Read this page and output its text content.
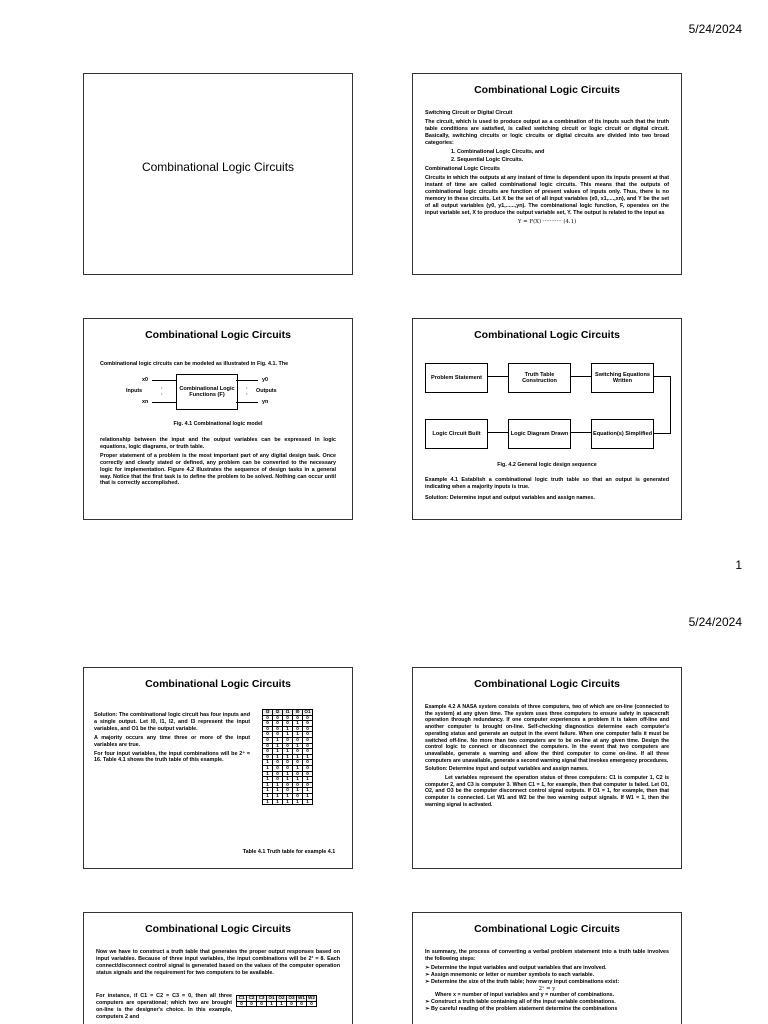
5/24/2024
1
5/24/2024
Combinational Logic Circuits
Combinational Logic Circuits

Switching Circuit or Digital Circuit

The circuit, which is used to produce output as a combination of its inputs such that the truth table conditions are satisfied, is called switching circuit or logic circuit or digital circuit. Basically, switching circuits or logic circuits or digital circuits are divided into two broad categories:

1. Combinational Logic Circuits, and

2. Sequential Logic Circuits.

Combinational Logic Circuits

Circuits in which the outputs at any instant of time is dependent upon its inputs present at that instant of time are called combinational logic circuits. This means that the outputs of combinational logic circuits are function of present values of inputs only. Thus, there is no memory in these circuits. Let X be the set of all input variables (x0, x1,....,xn), and Y be the set of all output variables (y0, y1,......,yn). The combinational logic function, F, operates on the input variable set, X to produce the output variable set, Y. The output is related to the input as

Y = F(X) ··········· (4.1)

Combinational Logic Circuits
Combinational logic circuits can be modeled as illustrated in Fig. 4.1. The
x0
Inputs
xn
·
·
Combinational Logic Functions (F)
·
·
y0
Outputs
yn
Fig. 4.1 Combinational logic model

relationship between the input and the output variables can be expressed in logic equations, logic diagrams, or truth table.

Proper statement of a problem is the most important part of any digital design task. Once correctly and clearly stated or defined, any problem can be converted to the necessary logic for implementation. Figure 4.2 illustrates the sequence of design tasks in a general way. Notice that the first task is to define the problem to be solved. Nothing can occur until that is correctly accomplished.

Combinational Logic Circuits
Problem Statement
Truth Table Construction
Switching Equations Written
Logic Circuit Built	Logic Diagram Drawn	Equation(s) Simplified
Fig. 4.2 General logic design sequence

Example 4.1 Establish a combinational logic truth table so that an output is generated indicating when a majority inputs is true.

Solution: Determine input and output variables and assign names.

Combinational Logic Circuits

Solution: The combinational logic circuit has four inputs and a single output. Let I0, I1, I2, and I3 represent the input variables, and O1 be the output variable.

A majority occurs any time three or more of the input variables are true.

For four input variables, the input combinations will be 2⁴ = 16. Table 4.1 shows the truth table of this example.

I3	I2	I1	I0	O1
0	0	0	0	0
0	0	0	1	0
0	0	1	0	0
0	0	1	1	0
0	1	0	0	0
0	1	0	1	0
0	1	1	0	0
0	1	1	1	1
1	0	0	0	0
1	0	0	1	0
1	0	1	0	0
1	0	1	1	1
1	1	0	0	0
1	1	0	1	1
1	1	1	0	1
1	1	1	1	1
Table 4.1 Truth table for example 4.1
Combinational Logic Circuits

Example 4.2 A NASA system consists of three computers, two of which are on-line (connected to the system) at any given time. The system uses three computers to ensure safety in spacecraft operation through redundancy. If one computer experiences a problem it is taken off-line and another computer is brought on-line. Self-checking diagnostics determine each computer's operating status and generate an output in the event failure. When one computer fails it must be switched off-line. No more than two computers are to be on-line at any given time. Design the control logic to connect or disconnect the computers. In the event that two computers are unavailable, generate a warning and allow the third computer to come on-line. If all three computers are unavailable, generate a second warning signal that invokes emergency procedures.

Solution: Determine input and output variables and assign names.

Let variables represent the operation status of three computers: C1 is computer 1, C2 is computer 2, and C3 is computer 3. When C1 = 1, for example, then that computer is failed. Let O1, O2, and O3 be the computer disconnect control signal outputs. If O1 = 1, for example, then that computer is connected. Let W1 and W2 be the two warning output signals. If W1 = 1, then the warning signal is activated.

Combinational Logic Circuits

Now we have to construct a truth table that generates the proper output responses based on input variables. Because of three input variables, the input combinations will be 2³ = 8. Each connect/disconnect control signal is generated based on the values of the computer operation status signals and the requirement for two computers to be available.

For instance, if C1 = C2 = C3 = 0, then all three computers are operational; which two are brought on-line is the designer's choice. In this example, computers 2 and

C1	C2	C3	O1	O2	O3	W1	W2
0	0	0	1	1	0	0	0
Combinational Logic Circuits

In summary, the process of converting a verbal problem statement into a truth table involves the following steps:

➢ Determine the input variables and output variables that are involved.

➢ Assign mnemonic or letter or number symbols to each variable.

➢ Determine the size of the truth table; how many input combinations exist:

2ˣ = y

Where x = number of input variables and y = number of combinations.

➢ Construct a truth table containing all of the input variable combinations.

➢ By careful reading of the problem statement determine the combinations
